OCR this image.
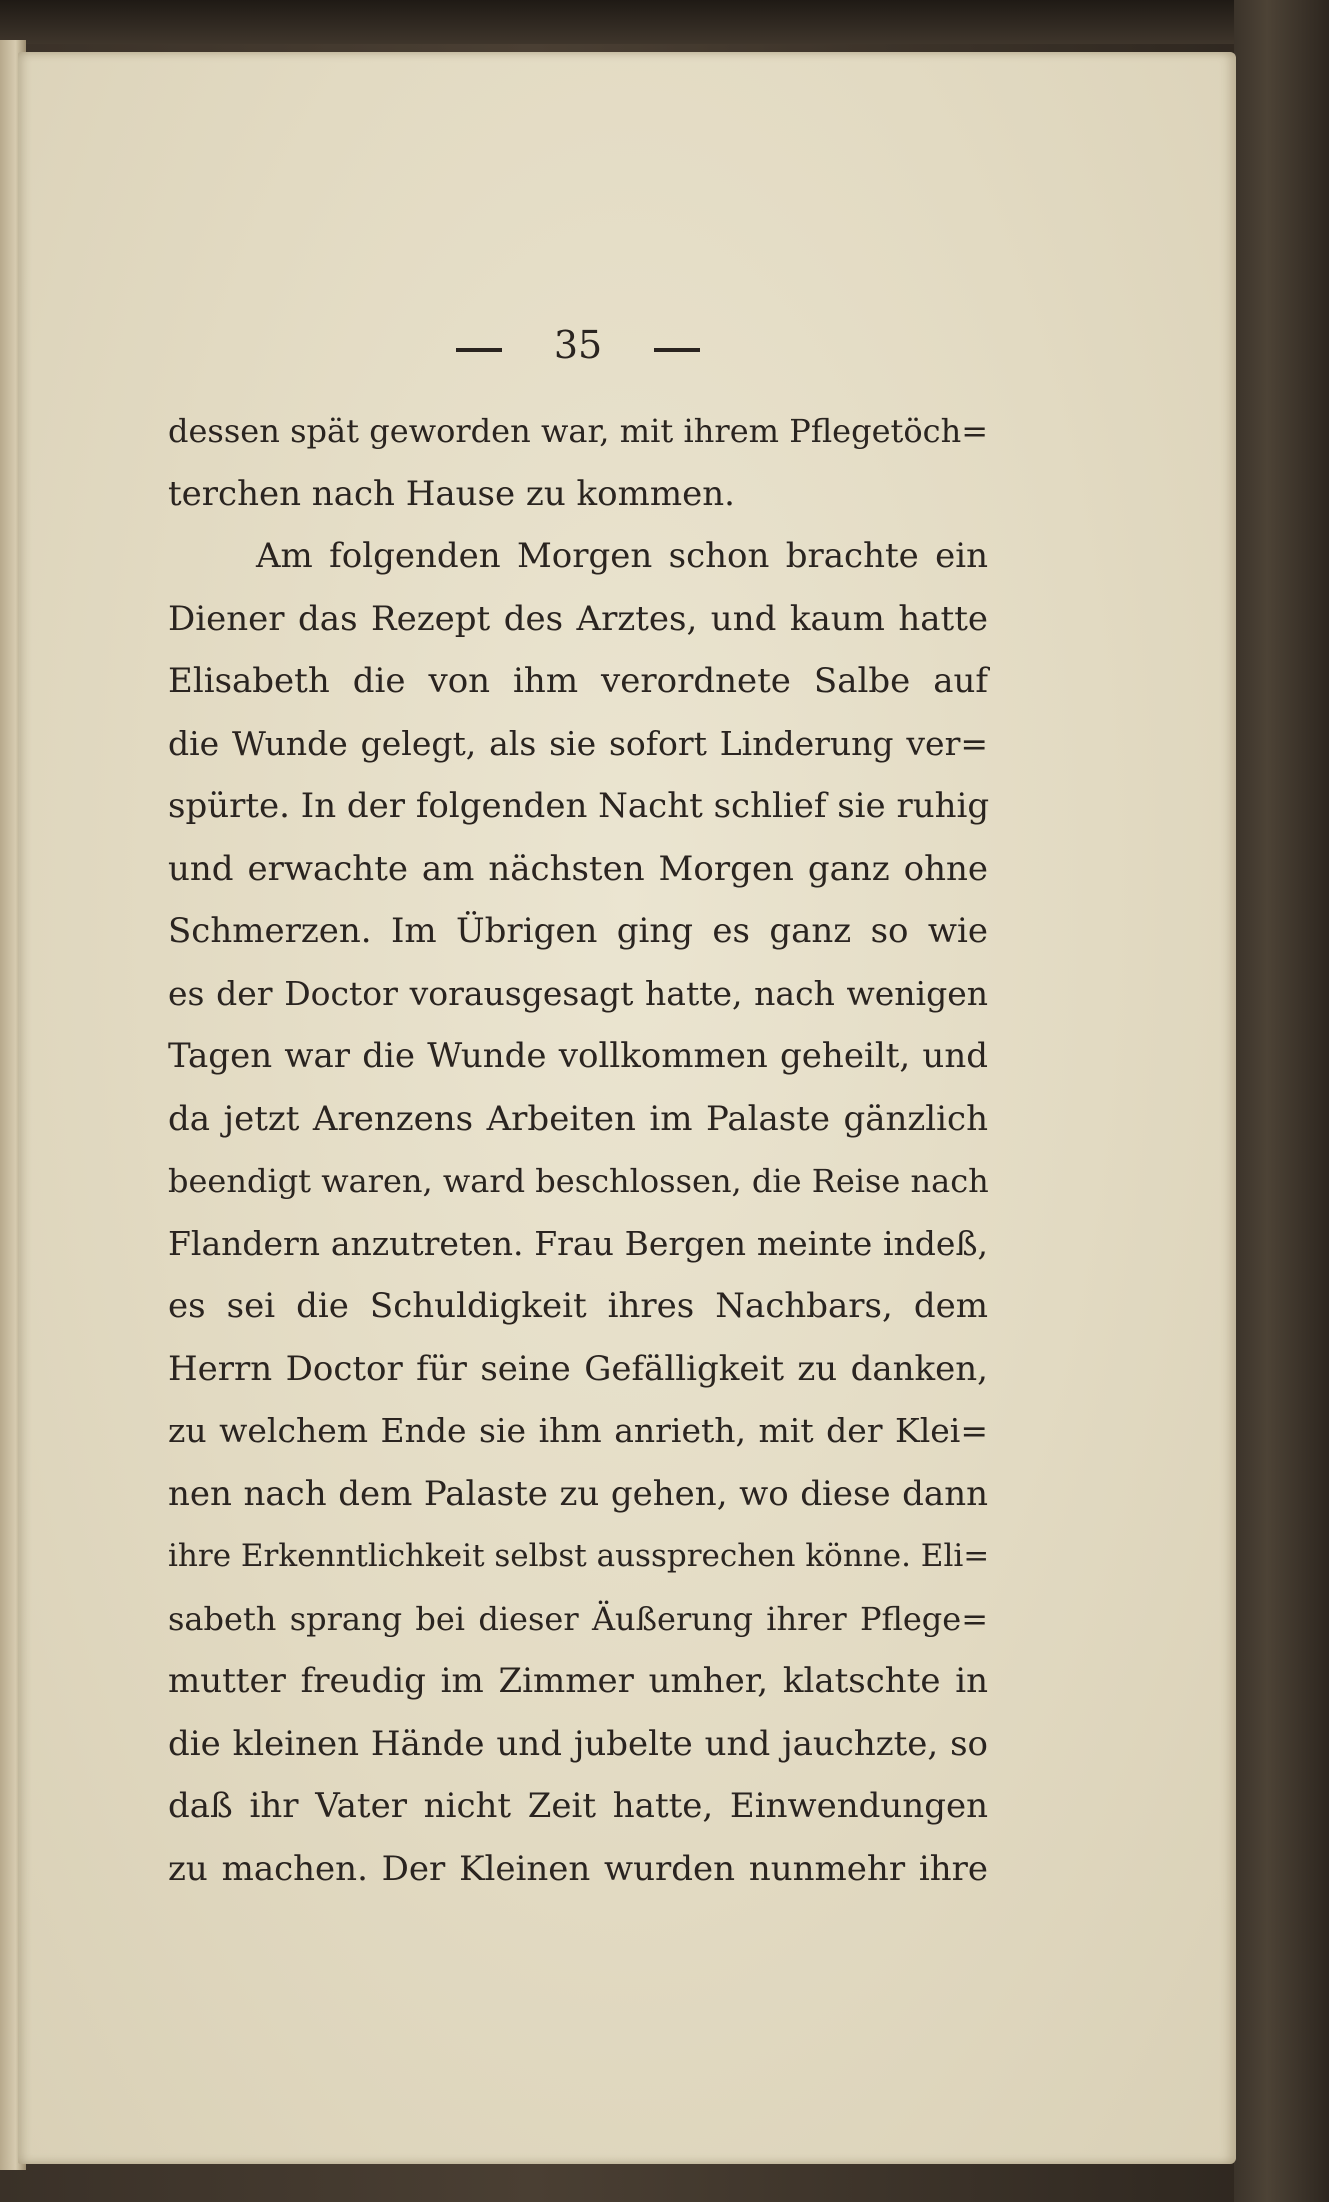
35
dessen spät geworden war, mit ihrem Pflegetöch=
terchen nach Hause zu kommen.
Am folgenden Morgen schon brachte ein
Diener das Rezept des Arztes, und kaum hatte
Elisabeth die von ihm verordnete Salbe auf
die Wunde gelegt, als sie sofort Linderung ver=
spürte. In der folgenden Nacht schlief sie ruhig
und erwachte am nächsten Morgen ganz ohne
Schmerzen. Im Übrigen ging es ganz so wie
es der Doctor vorausgesagt hatte, nach wenigen
Tagen war die Wunde vollkommen geheilt, und
da jetzt Arenzens Arbeiten im Palaste gänzlich
beendigt waren, ward beschlossen, die Reise nach
Flandern anzutreten. Frau Bergen meinte indeß,
es sei die Schuldigkeit ihres Nachbars, dem
Herrn Doctor für seine Gefälligkeit zu danken,
zu welchem Ende sie ihm anrieth, mit der Klei=
nen nach dem Palaste zu gehen, wo diese dann
ihre Erkenntlichkeit selbst aussprechen könne. Eli=
sabeth sprang bei dieser Äußerung ihrer Pflege=
mutter freudig im Zimmer umher, klatschte in
die kleinen Hände und jubelte und jauchzte, so
daß ihr Vater nicht Zeit hatte, Einwendungen
zu machen. Der Kleinen wurden nunmehr ihre
